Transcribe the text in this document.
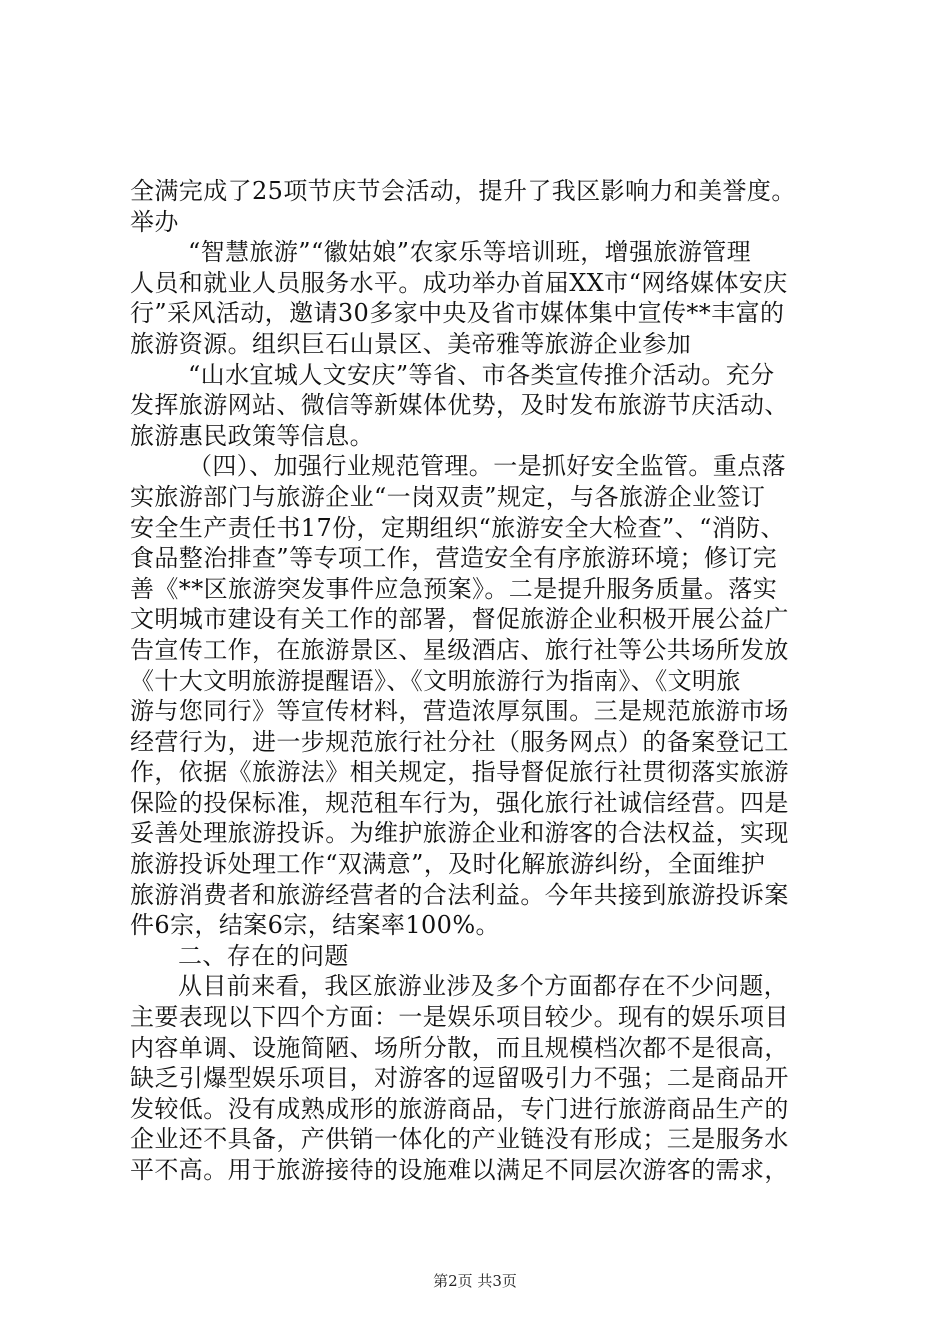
全满完成了25项节庆节会活动，提升了我区影响力和美誉度。
举办
“智慧旅游”“徽姑娘”农家乐等培训班，增强旅游管理
人员和就业人员服务水平。成功举办首届XX市“网络媒体安庆
行”采风活动，邀请30多家中央及省市媒体集中宣传**丰富的
旅游资源。组织巨石山景区、美帝雅等旅游企业参加
“山水宜城人文安庆”等省、市各类宣传推介活动。充分
发挥旅游网站、微信等新媒体优势，及时发布旅游节庆活动、
旅游惠民政策等信息。
（四）、加强行业规范管理。一是抓好安全监管。重点落
实旅游部门与旅游企业“一岗双责”规定，与各旅游企业签订
安全生产责任书17份，定期组织“旅游安全大检查”、“消防、
食品整治排查”等专项工作，营造安全有序旅游环境；修订完
善《**区旅游突发事件应急预案》。二是提升服务质量。落实
文明城市建设有关工作的部署，督促旅游企业积极开展公益广
告宣传工作，在旅游景区、星级酒店、旅行社等公共场所发放
《十大文明旅游提醒语》、《文明旅游行为指南》、《文明旅
游与您同行》等宣传材料，营造浓厚氛围。三是规范旅游市场
经营行为，进一步规范旅行社分社（服务网点）的备案登记工
作，依据《旅游法》相关规定，指导督促旅行社贯彻落实旅游
保险的投保标准，规范租车行为，强化旅行社诚信经营。四是
妥善处理旅游投诉。为维护旅游企业和游客的合法权益，实现
旅游投诉处理工作“双满意”，及时化解旅游纠纷，全面维护
旅游消费者和旅游经营者的合法利益。今年共接到旅游投诉案
件6宗，结案6宗，结案率100%。
二、存在的问题
从目前来看，我区旅游业涉及多个方面都存在不少问题，
主要表现以下四个方面：一是娱乐项目较少。现有的娱乐项目
内容单调、设施简陋、场所分散，而且规模档次都不是很高，
缺乏引爆型娱乐项目，对游客的逗留吸引力不强；二是商品开
发较低。没有成熟成形的旅游商品，专门进行旅游商品生产的
企业还不具备，产供销一体化的产业链没有形成；三是服务水
平不高。用于旅游接待的设施难以满足不同层次游客的需求，
第2页 共3页
